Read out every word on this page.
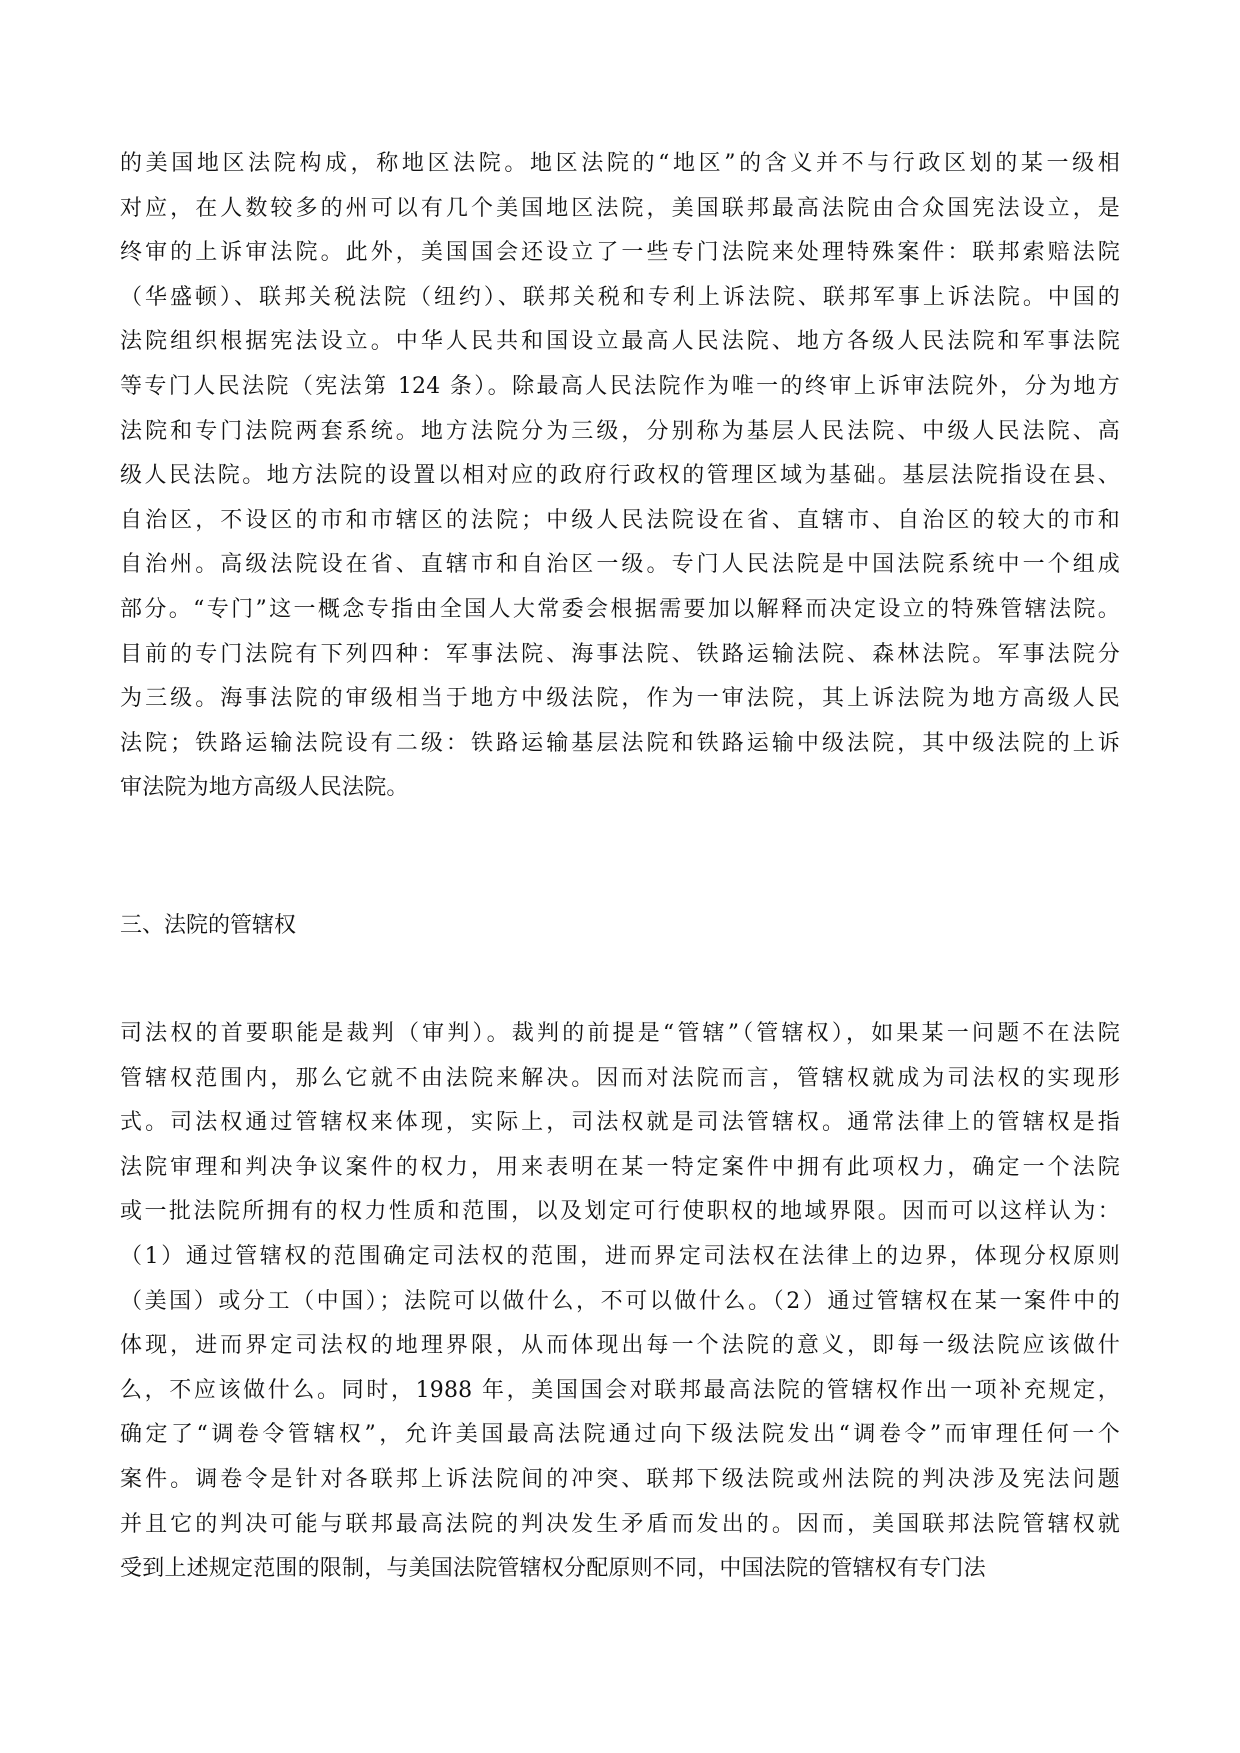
的美国地区法院构成，称地区法院。地区法院的“地区”的含义并不与行政区划的某一级相
对应，在人数较多的州可以有几个美国地区法院，美国联邦最高法院由合众国宪法设立，是
终审的上诉审法院。此外，美国国会还设立了一些专门法院来处理特殊案件：联邦索赔法院
（华盛顿）、联邦关税法院（纽约）、联邦关税和专利上诉法院、联邦军事上诉法院。中国的
法院组织根据宪法设立。中华人民共和国设立最高人民法院、地方各级人民法院和军事法院
等专门人民法院（宪法第 124 条）。除最高人民法院作为唯一的终审上诉审法院外，分为地方
法院和专门法院两套系统。地方法院分为三级，分别称为基层人民法院、中级人民法院、高
级人民法院。地方法院的设置以相对应的政府行政权的管理区域为基础。基层法院指设在县、
自治区，不设区的市和市辖区的法院；中级人民法院设在省、直辖市、自治区的较大的市和
自治州。高级法院设在省、直辖市和自治区一级。专门人民法院是中国法院系统中一个组成
部分。“专门”这一概念专指由全国人大常委会根据需要加以解释而决定设立的特殊管辖法院。
目前的专门法院有下列四种：军事法院、海事法院、铁路运输法院、森林法院。军事法院分
为三级。海事法院的审级相当于地方中级法院，作为一审法院，其上诉法院为地方高级人民
法院；铁路运输法院设有二级：铁路运输基层法院和铁路运输中级法院，其中级法院的上诉
审法院为地方高级人民法院。
三、法院的管辖权
司法权的首要职能是裁判（审判）。裁判的前提是“管辖”（管辖权），如果某一问题不在法院
管辖权范围内，那么它就不由法院来解决。因而对法院而言，管辖权就成为司法权的实现形
式。司法权通过管辖权来体现，实际上，司法权就是司法管辖权。通常法律上的管辖权是指
法院审理和判决争议案件的权力，用来表明在某一特定案件中拥有此项权力，确定一个法院
或一批法院所拥有的权力性质和范围，以及划定可行使职权的地域界限。因而可以这样认为：
（1）通过管辖权的范围确定司法权的范围，进而界定司法权在法律上的边界，体现分权原则
（美国）或分工（中国）；法院可以做什么，不可以做什么。（2）通过管辖权在某一案件中的
体现，进而界定司法权的地理界限，从而体现出每一个法院的意义，即每一级法院应该做什
么，不应该做什么。同时，1988 年，美国国会对联邦最高法院的管辖权作出一项补充规定，
确定了“调卷令管辖权”，允许美国最高法院通过向下级法院发出“调卷令”而审理任何一个
案件。调卷令是针对各联邦上诉法院间的冲突、联邦下级法院或州法院的判决涉及宪法问题
并且它的判决可能与联邦最高法院的判决发生矛盾而发出的。因而，美国联邦法院管辖权就
受到上述规定范围的限制，与美国法院管辖权分配原则不同，中国法院的管辖权有专门法
